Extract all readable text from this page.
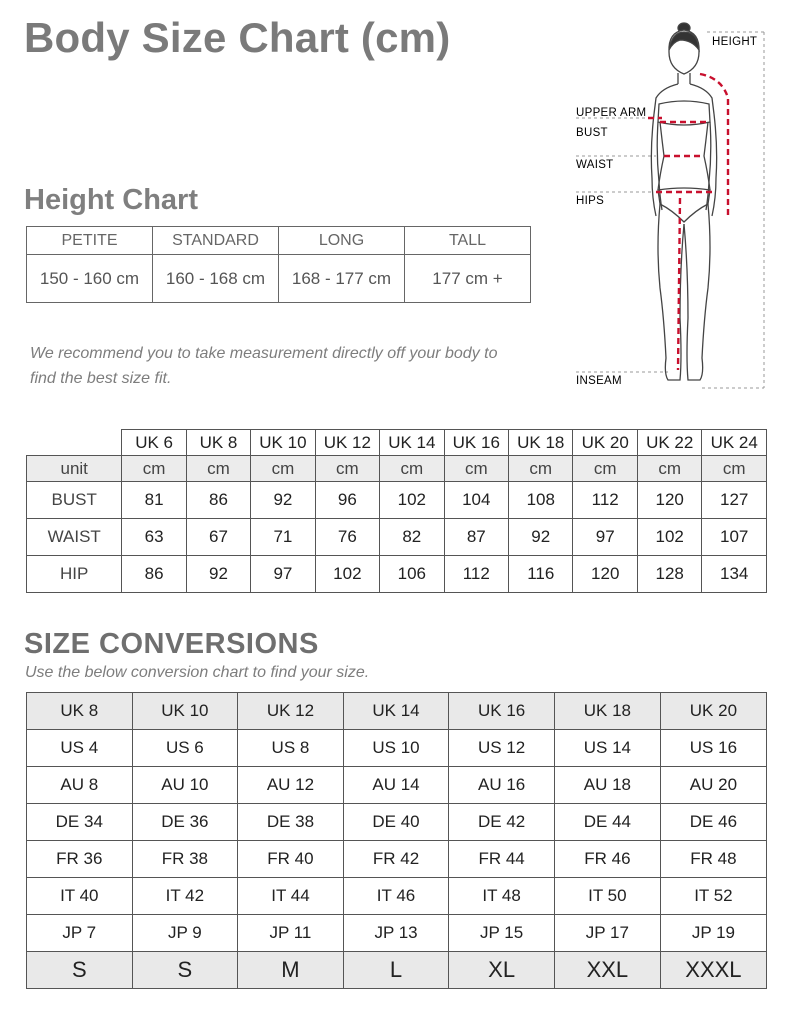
Body Size Chart (cm)
Height Chart
PETITE	STANDARD	LONG	TALL
150 - 160 cm	160 - 168 cm	168 - 177 cm	177 cm +
We recommend you to take measurement directly off your body to
find the best size fit.
HEIGHT
UPPER ARM
BUST
WAIST
HIPS
INSEAM
	UK 6	UK 8	UK 10	UK 12	UK 14	UK 16	UK 18	UK 20	UK 22	UK 24
unit	cm	cm	cm	cm	cm	cm	cm	cm	cm	cm
BUST	81	86	92	96	102	104	108	112	120	127
WAIST	63	67	71	76	82	87	92	97	102	107
HIP	86	92	97	102	106	112	116	120	128	134
SIZE CONVERSIONS
Use the below conversion chart to find your size.
UK 8	UK 10	UK 12	UK 14	UK 16	UK 18	UK 20
US 4	US 6	US 8	US 10	US 12	US 14	US 16
AU 8	AU 10	AU 12	AU 14	AU 16	AU 18	AU 20
DE 34	DE 36	DE 38	DE 40	DE 42	DE 44	DE 46
FR 36	FR 38	FR 40	FR 42	FR 44	FR 46	FR 48
IT 40	IT 42	IT 44	IT 46	IT 48	IT 50	IT 52
JP 7	JP 9	JP 11	JP 13	JP 15	JP 17	JP 19
S	S	M	L	XL	XXL	XXXL
